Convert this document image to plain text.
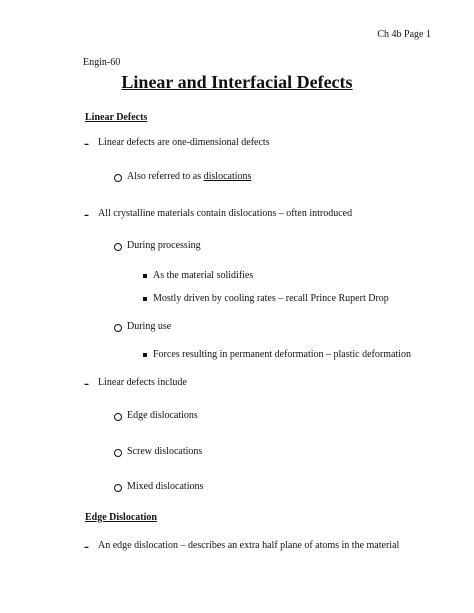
Ch 4b Page 1
Engin-60
Linear and Interfacial Defects
Linear Defects
- Linear defects are one-dimensional defects
Also referred to as dislocations
- All crystalline materials contain dislocations – often introduced
During processing
As the material solidifies
Mostly driven by cooling rates – recall Prince Rupert Drop
During use
Forces resulting in permanent deformation – plastic deformation
- Linear defects include
Edge dislocations
Screw dislocations
Mixed dislocations
Edge Dislocation
- An edge dislocation – describes an extra half plane of atoms in the material
